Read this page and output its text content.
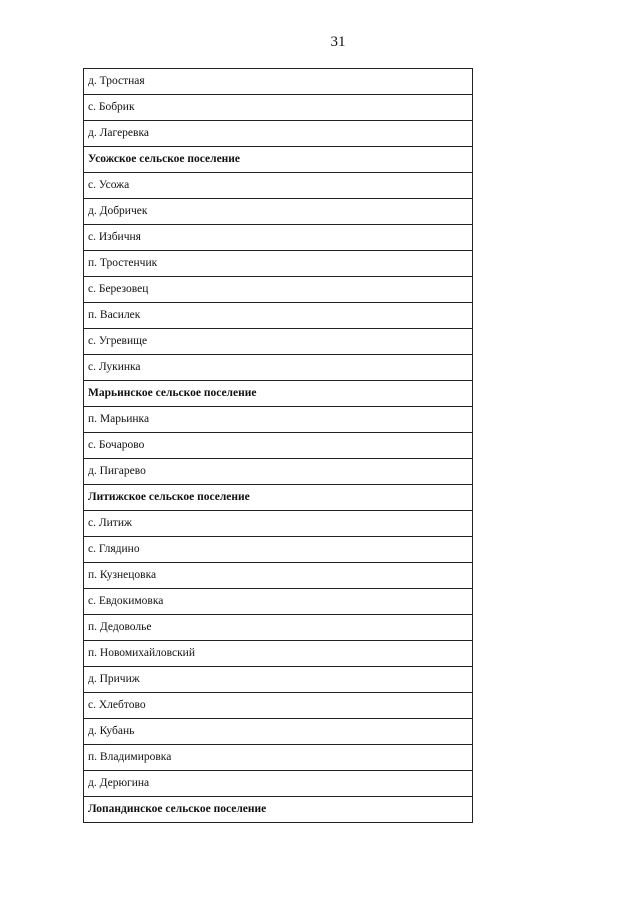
31
д. Тростная
с. Бобрик
д. Лагеревка
Усожское сельское поселение
с. Усожа
д. Добричек
с. Избичня
п. Тростенчик
с. Березовец
п. Василек
с. Угревище
с. Лукинка
Марьинское сельское поселение
п. Марьинка
с. Бочарово
д. Пигарево
Литижское сельское поселение
с. Литиж
с. Глядино
п. Кузнецовка
с. Евдокимовка
п. Дедоволье
п. Новомихайловский
д. Причиж
с. Хлебтово
д. Кубань
п. Владимировка
д. Дерюгина
Лопандинское сельское поселение
